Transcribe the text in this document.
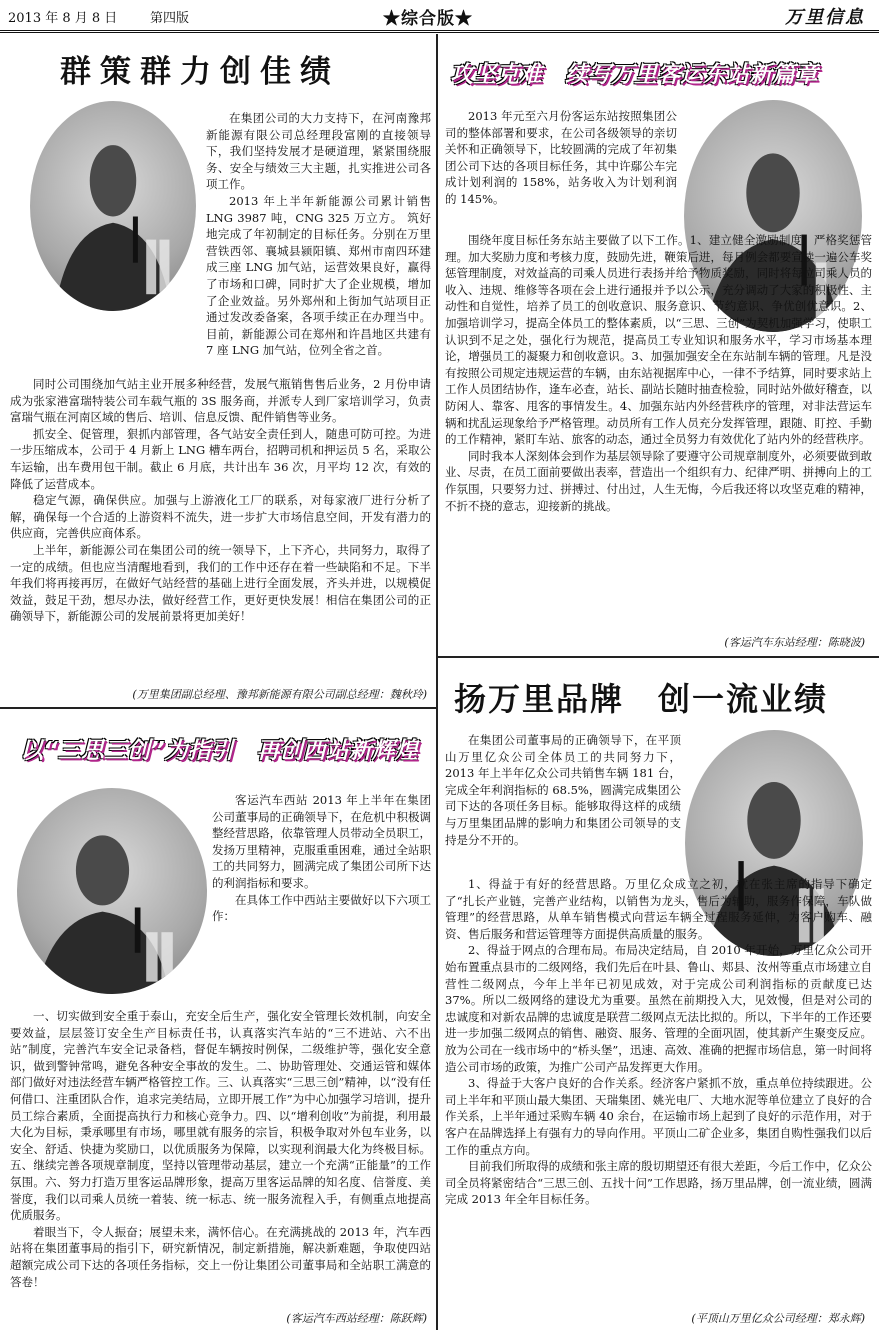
2013 年 8 月 8 日	第四版	★综合版★	万里信息
群策群力创佳绩

在集团公司的大力支持下，在河南豫邦新能源有限公司总经理段富刚的直接领导下，我们坚持发展才是硬道理，紧紧围绕服务、安全与绩效三大主题，扎实推进公司各项工作。

2013 年上半年新能源公司累计销售 LNG 3987 吨，CNG 325 万立方。 筑好地完成了年初制定的目标任务。分别在万里营铁西邻、襄城县颍阳镇、郑州市南四环建成三座 LNG 加气站，运营效果良好，赢得了市场和口碑，同时扩大了企业规模，增加了企业效益。另外郑州和上街加气站项目正通过发改委备案，各项手续正在办理当中。目前，新能源公司在郑州和许昌地区共建有 7 座 LNG 加气站，位列全省之首。

同时公司围绕加气站主业开展多种经营，发展气瓶销售售后业务，2 月份申请成为张家港富瑞特装公司车载气瓶的 3S 服务商，并派专人到厂家培训学习，负责富瑞气瓶在河南区域的售后、培训、信息反馈、配件销售等业务。

抓安全、促管理，狠抓内部管理，各气站安全责任到人，随患可防可控。为进一步压缩成本，公司于 4 月新上 LNG 槽车两台，招聘司机和押运员 5 名，采取公车运输，出车费用包干制。截止 6 月底，共计出车 36 次，月平均 12 次，有效的降低了运营成本。

稳定气源，确保供应。加强与上游液化工厂的联系，对每家液厂进行分析了解，确保每一个合适的上游资料不流失，进一步扩大市场信息空间，开发有潜力的供应商，完善供应商体系。

上半年，新能源公司在集团公司的统一领导下，上下齐心，共同努力，取得了一定的成绩。但也应当清醒地看到，我们的工作中还存在着一些缺陷和不足。下半年我们将再接再厉，在做好气站经营的基础上进行全面发展，齐头并进，以规模促效益，鼓足干劲，想尽办法，做好经营工作，更好更快发展！相信在集团公司的正确领导下，新能源公司的发展前景将更加美好！

(万里集团副总经理、豫邦新能源有限公司副总经理：魏秋玲)
攻坚克难　续写万里客运东站新篇章

2013 年元至六月份客运东站按照集团公司的整体部署和要求，在公司各级领导的亲切关怀和正确领导下，比较圆满的完成了年初集团公司下达的各项目标任务，其中许鄢公车完成计划利润的 158%，站务收入为计划利润的 145%。

围绕年度目标任务东站主要做了以下工作。1、建立健全激励制度，严格奖惩管理。加大奖励力度和考核力度，鼓励先进，鞭策后进，每月例会都要宣读一遍公车奖惩管理制度，对效益高的司乘人员进行表扬并给予物质奖励，同时将每位司乘人员的收入、违规、维修等各项在会上进行通报并予以公示，充分调动了大家的积极性、主动性和自觉性，培养了员工的创收意识、服务意识、节约意识、争优创优意识。2、加强培训学习，提高全体员工的整体素质，以“三思、三创”为契机加强学习，使职工认识到不足之处，强化行为规范，提高员工专业知识和服务水平，学习市场基本理论，增强员工的凝聚力和创收意识。3、加强加强安全在东站制车辆的管理。凡是没有按照公司规定违规运营的车辆，由东站视据库中心，一律不予结算，同时要求站上工作人员团结协作，逢车必查，站长、副站长随时抽查检验，同时站外做好稽查，以防闲人、靠客、甩客的事情发生。4、加强东站内外经营秩序的管理，对非法营运车辆和扰乱运现象给予严格管理。动员所有工作人员充分发挥管理，跟随、盯控、手勤的工作精神，紧盯车站、旅客的动态，通过全员努力有效优化了站内外的经营秩序。

同时我本人深刻体会到作为基层领导除了要遵守公司规章制度外，必须要做到敢业、尽责，在员工面前要做出表率，营造出一个组织有力、纪律严明、拼搏向上的工作氛围，只要努力过、拼搏过、付出过，人生无悔，今后我还将以攻坚克难的精神，不折不挠的意志，迎接新的挑战。

(客运汽车东站经理：陈晓波)
以“三思三创”为指引　再创西站新辉煌

客运汽车西站 2013 年上半年在集团公司董事局的正确领导下，在危机中积极调整经营思路，依靠管理人员带动全员职工，发扬万里精神，克服重重困难，通过全站职工的共同努力，圆满完成了集团公司所下达的利润指标和要求。

在具体工作中西站主要做好以下六项工作：

一、切实做到安全重于泰山，充安全后生产，强化安全管理长效机制，向安全要效益，层层签订安全生产目标责任书，认真落实汽车站的“三不进站、六不出站”制度，完善汽车安全记录备档，督促车辆按时例保，二级维护等，强化安全意识，做到警钟常鸣，避免各种安全事故的发生。二、协助管理处、交通运管和媒体部门做好对违法经营车辆严格管控工作。三、认真落实“三思三创”精神，以“没有任何借口、注重团队合作，追求完美结局，立即开展工作”为中心加强学习培训，提升员工综合素质，全面提高执行力和核心竞争力。四、以“增利创收”为前提，利用最大化为目标，秉承哪里有市场，哪里就有服务的宗旨，积极争取对外包车业务，以安全、舒适、快捷为奖励口，以优质服务为保障，以实现利润最大化为终极目标。五、继续完善各项规章制度，坚持以管理带动基层，建立一个充满“正能量”的工作氛围。六、努力打造万里客运品牌形象，提高万里客运品牌的知名度、信誉度、美誉度，我们以司乘人员统一着装、统一标志、统一服务流程入手，有侧重点地提高优质服务。

着眼当下，令人振奋；展望未来，满怀信心。在充满挑战的 2013 年，汽车西站将在集团董事局的指引下，研究新情况，制定新措施，解决新难题，争取使四站超额完成公司下达的各项任务指标，交上一份让集团公司董事局和全站职工满意的答卷！

(客运汽车西站经理：陈跃辉)
扬万里品牌　创一流业绩

在集团公司董事局的正确领导下，在平顶山万里亿众公司全体员工的共同努力下，2013 年上半年亿众公司共销售车辆 181 台，完成全年利润指标的 68.5%，圆满完成集团公司下达的各项任务目标。能够取得这样的成绩与万里集团品牌的影响力和集团公司领导的支持是分不开的。

1、得益于有好的经营思路。万里亿众成立之初，就在张主席的指导下确定了“扎长产业链，完善产业结构，以销售为龙头，售后为辅助，服务作保障，车队做管理”的经营思路，从单车销售模式向营运车辆全过程服务延伸，为客户购车、融资、售后服务和营运管理等方面提供高质量的服务。

2、得益于网点的合理布局。布局决定结局，自 2010 年开始，万里亿众公司开始布置重点县市的二级网络，我们先后在叶县、鲁山、郏县、汝州等重点市场建立自营性二级网点，今年上半年已初见成效，对于完成公司利润指标的贡献度已达 37%。所以二级网络的建设尤为重要。虽然在前期投入大，见效慢，但是对公司的忠诚度和对新农品牌的忠诚度是联营二级网点无法比拟的。所以，下半年的工作还要进一步加强二级网点的销售、融资、服务、管理的全面巩固，使其新产生聚变反应。放为公司在一线市场中的“桥头堡”，迅速、高效、准确的把握市场信息，第一时间将造公司市场的政策，为推广公司产品发挥更大作用。

3、得益于大客户良好的合作关系。经济客户紧抓不放，重点单位持续跟进。公司上半年和平顶山最大集团、天瑞集团、姚光电厂、大地水泥等单位建立了良好的合作关系，上半年通过采购车辆 40 余台，在运输市场上起到了良好的示范作用，对于客户在品牌选择上有强有力的导向作用。平顶山二矿企业多，集团自购性强我们以后工作的重点方向。

目前我们所取得的成绩和张主席的殷切期望还有很大差距，今后工作中，亿众公司全员将紧密结合“三思三创、五找十问”工作思路，扬万里品牌，创一流业绩，圆满完成 2013 年全年目标任务。

(平顶山万里亿众公司经理：郑永辉)
